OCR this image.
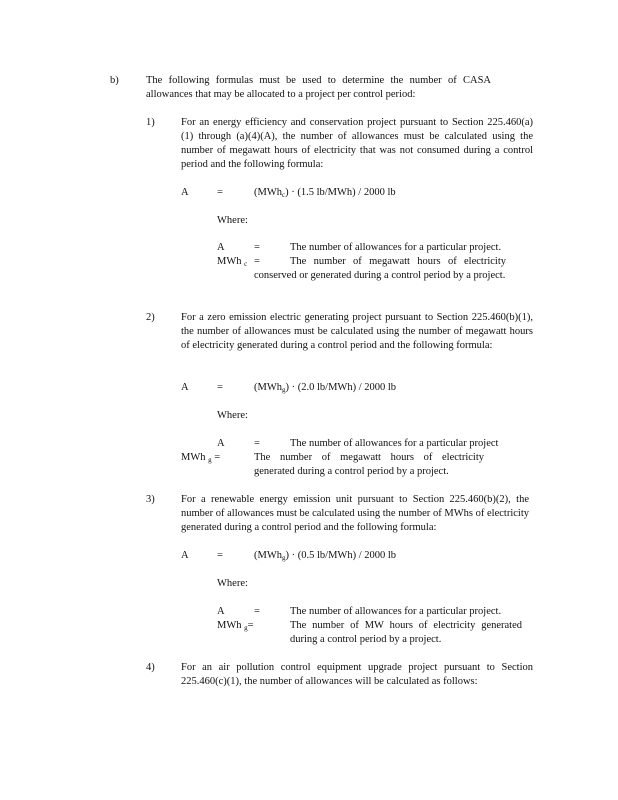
b)	The following formulas must be used to determine the number of CASA allowances that may be allocated to a project per control period:
1)	For an energy efficiency and conservation project pursuant to Section 225.460(a)(1) through (a)(4)(A), the number of allowances must be calculated using the number of megawatt hours of electricity that was not consumed during a control period and the following formula:
A	=	(MWh$_c$) · (1.5 lb/MWh) / 2000 lb
Where:
A	=	The number of allowances for a particular project.
MWh $_c$ =	The number of megawatt hours of electricity conserved or generated during a control period by a project.
2)	For a zero emission electric generating project pursuant to Section 225.460(b)(1), the number of allowances must be calculated using the number of megawatt hours of electricity generated during a control period and the following formula:
A	=	(MWh$_g$) · (2.0 lb/MWh) / 2000 lb
Where:
A	=	The number of allowances for a particular project
MWh $_g$ =	The number of megawatt hours of electricity generated during a control period by a project.
3)	For a renewable energy emission unit pursuant to Section 225.460(b)(2), the number of allowances must be calculated using the number of MWhs of electricity generated during a control period and the following formula:
A	=	(MWh$_g$) · (0.5 lb/MWh) / 2000 lb
Where:
A	=	The number of allowances for a particular project.
MWh $_g$=	The number of MW hours of electricity generated during a control period by a project.
4)	For an air pollution control equipment upgrade project pursuant to Section 225.460(c)(1), the number of allowances will be calculated as follows:
